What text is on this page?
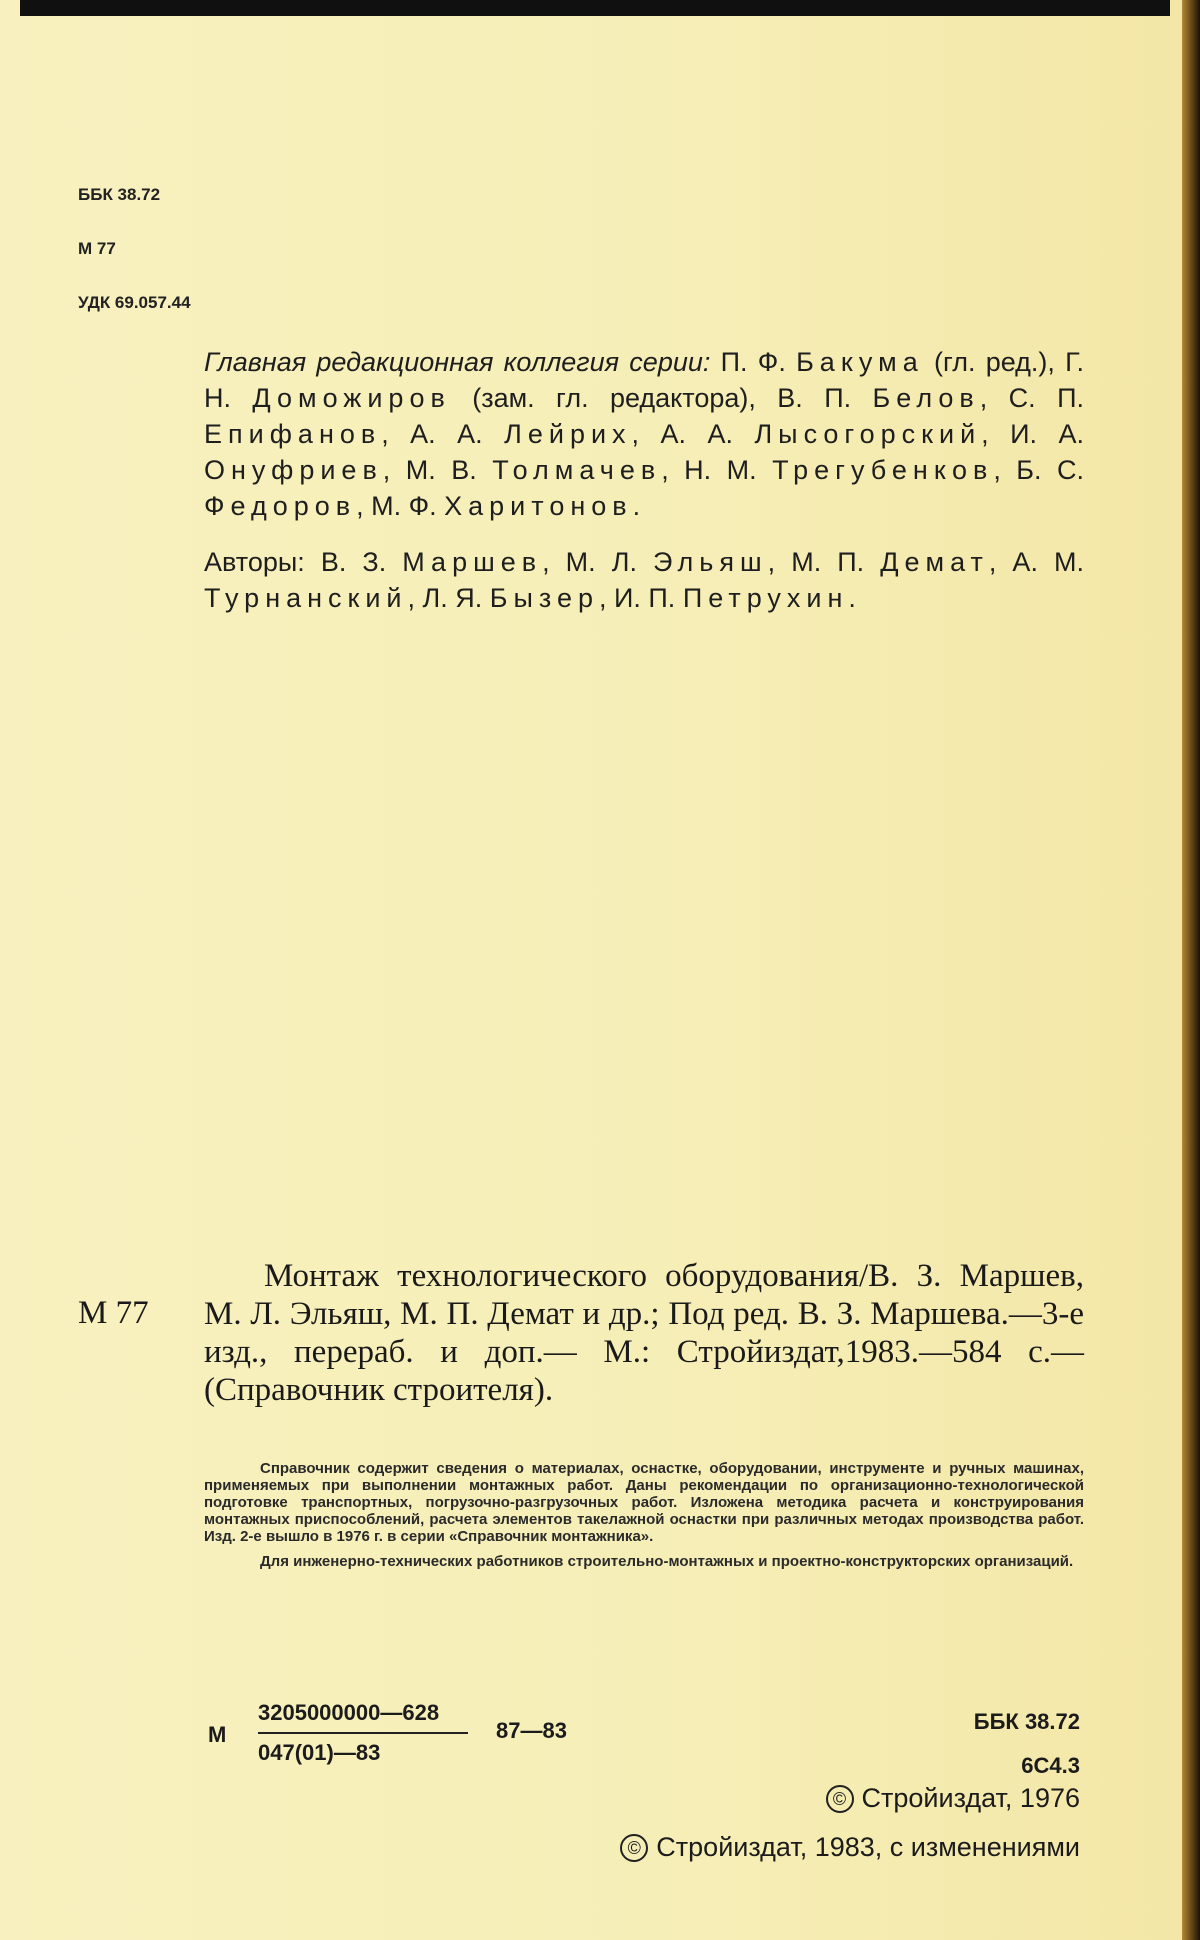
ББК 38.72
М 77
УДК 69.057.44
Главная редакционная коллегия серии: П. Ф. Бакума (гл. ред.), Г. Н. Доможиров (зам. гл. редактора), В. П. Белов, С. П. Епифанов, А. А. Лейрих, А. А. Лысогорский, И. А. Онуфриев, М. В. Толмачев, Н. М. Трегубенков, Б. С. Федоров, М. Ф. Харитонов.
Авторы: В. З. Маршев, М. Л. Эльяш, М. П. Демат, А. М. Турнанский, Л. Я. Бызер, И. П. Петрухин.
М 77
Монтаж технологического оборудования/В. З. Маршев, М. Л. Эльяш, М. П. Демат и др.; Под ред. В. З. Маршева.—3-е изд., перераб. и доп.— М.: Стройиздат,1983.—584 с.—(Справочник строителя).

Справочник содержит сведения о материалах, оснастке, оборудовании, инструменте и ручных машинах, применяемых при выполнении монтажных работ. Даны рекомендации по организационно-технологической подготовке транспортных, погрузочно-разгрузочных работ. Изложена методика расчета и конструирования монтажных приспособлений, расчета элементов такелажной оснастки при различных методах производства работ. Изд. 2-е вышло в 1976 г. в серии «Справочник монтажника».

Для инженерно-технических работников строительно-монтажных и проектно-конструкторских организаций.

М
3205000000—628
047(01)—83
87—83	ББК 38.72
6С4.3
© Стройиздат, 1976
© Стройиздат, 1983, с изменениями
